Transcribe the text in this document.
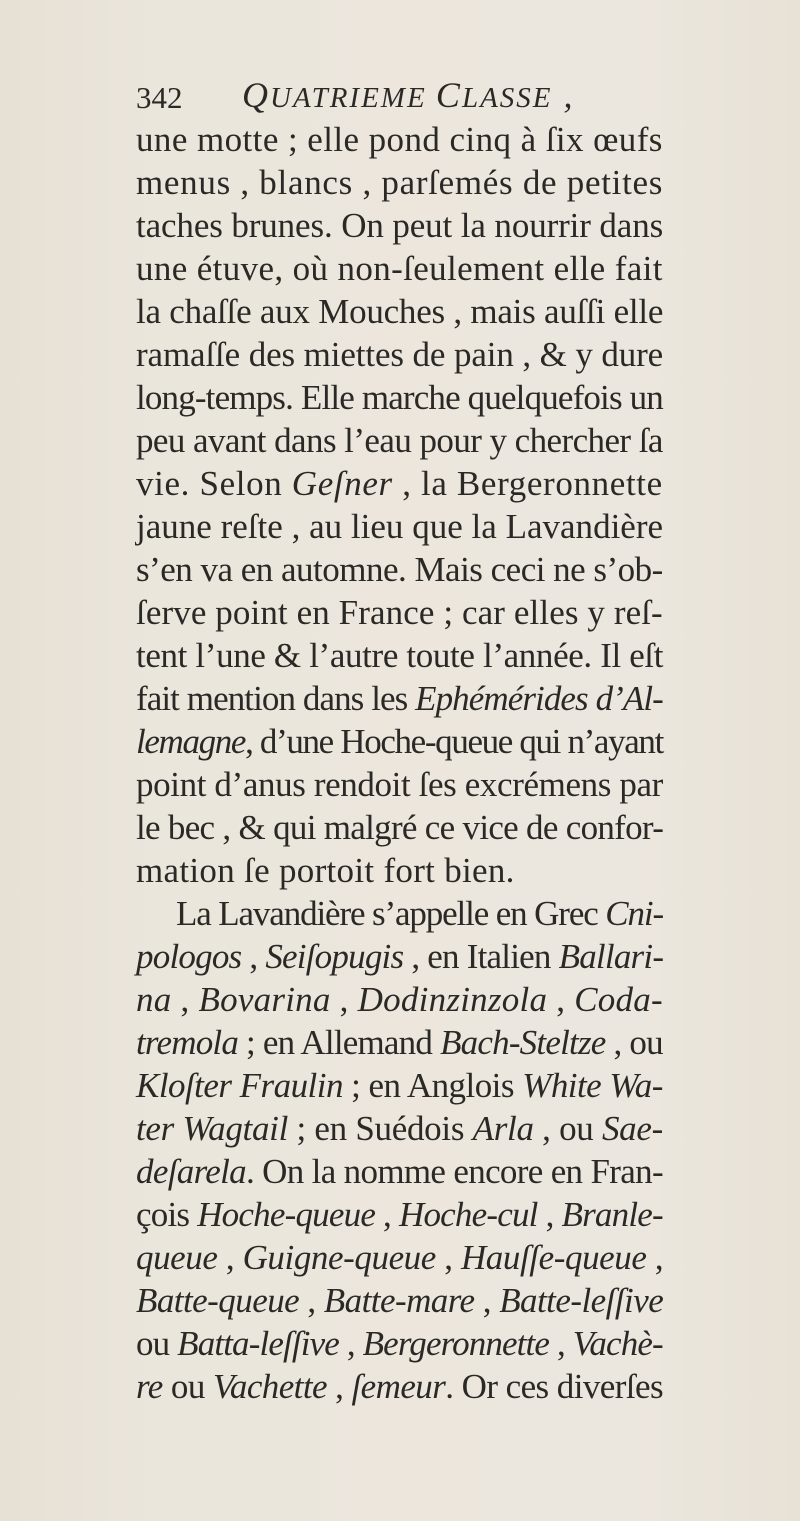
342 QUATRIEME CLASSE ,
une motte ; elle pond cinq à ſix œufs
menus , blancs , parſemés de petites
taches brunes. On peut la nourrir dans
une étuve, où non-ſeulement elle fait
la chaſſe aux Mouches , mais auſſi elle
ramaſſe des miettes de pain , & y dure
long-temps. Elle marche quelquefois un
peu avant dans l’eau pour y chercher ſa
vie. Selon Geſner , la Bergeronnette
jaune reſte , au lieu que la Lavandière
s’en va en automne. Mais ceci ne s’ob-
ſerve point en France ; car elles y reſ-
tent l’une & l’autre toute l’année. Il eſt
fait mention dans les Ephémérides d’Al-
lemagne, d’une Hoche-queue qui n’ayant
point d’anus rendoit ſes excrémens par
le bec , & qui malgré ce vice de confor-
mation ſe portoit fort bien.
La Lavandière s’appelle en Grec Cni-
pologos , Seiſopugis , en Italien Ballari-
na , Bovarina , Dodinzinzola , Coda-
tremola ; en Allemand Bach-Steltze , ou
Kloſter Fraulin ; en Anglois White Wa-
ter Wagtail ; en Suédois Arla , ou Sae-
deſarela. On la nomme encore en Fran-
çois Hoche-queue , Hoche-cul , Branle-
queue , Guigne-queue , Hauſſe-queue ,
Batte-queue , Batte-mare , Batte-leſſive
ou Batta-leſſive , Bergeronnette , Vachè-
re ou Vachette , ſemeur. Or ces diverſes
